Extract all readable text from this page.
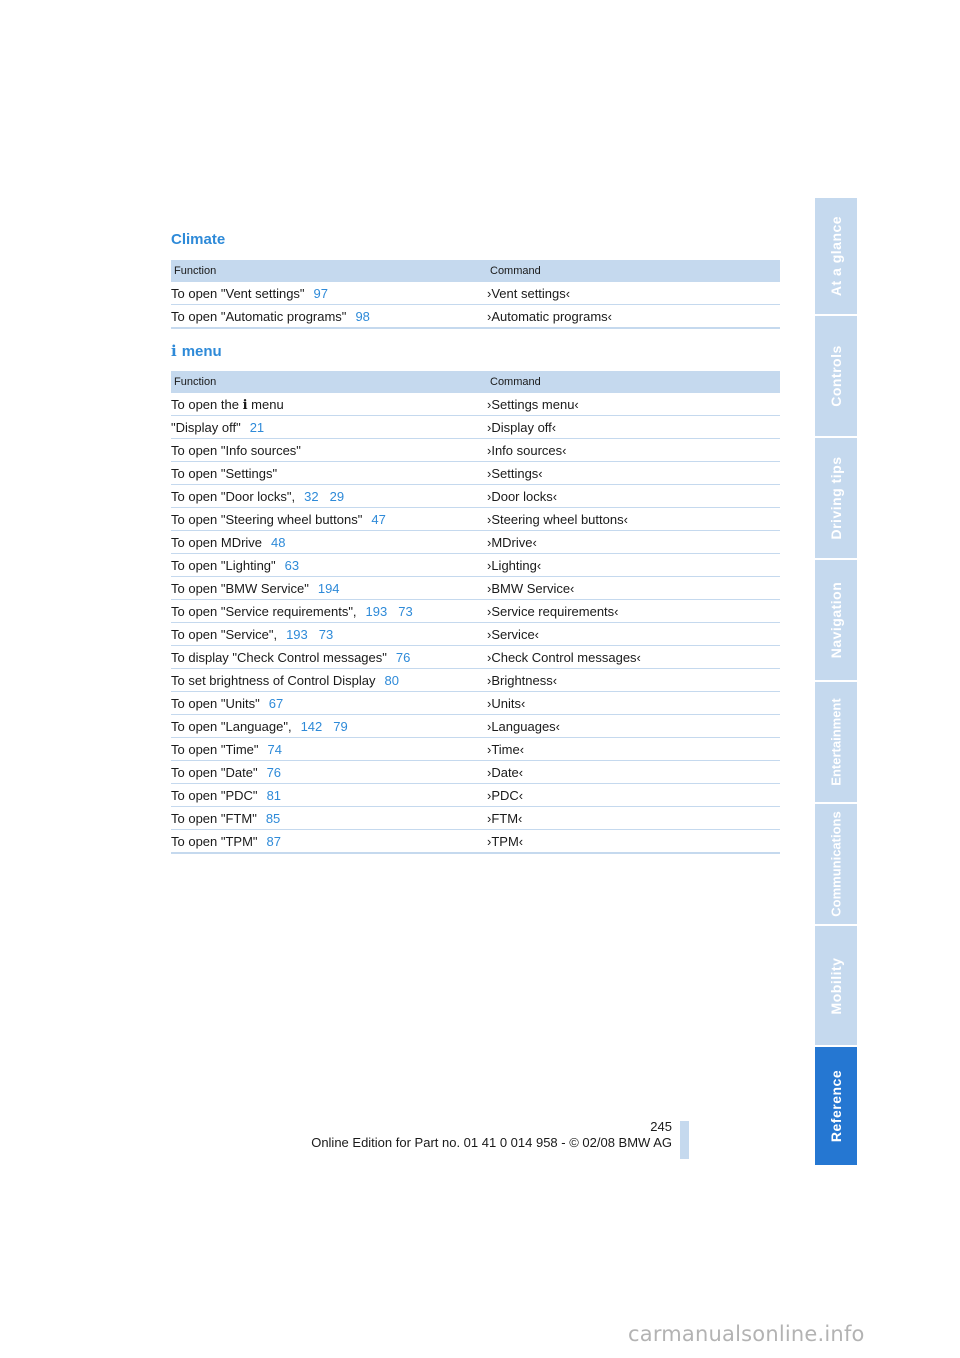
Climate
Function	Command
To open "Vent settings" 97	›Vent settings‹
To open "Automatic programs" 98	›Automatic programs‹
i menu
Function	Command
To open the i menu	›Settings menu‹
"Display off" 21	›Display off‹
To open "Info sources"	›Info sources‹
To open "Settings"	›Settings‹
To open "Door locks", 32 29	›Door locks‹
To open "Steering wheel buttons" 47	›Steering wheel buttons‹
To open MDrive 48	›MDrive‹
To open "Lighting" 63	›Lighting‹
To open "BMW Service" 194	›BMW Service‹
To open "Service requirements", 193 73	›Service requirements‹
To open "Service", 193 73	›Service‹
To display "Check Control messages" 76	›Check Control messages‹
To set brightness of Control Display 80	›Brightness‹
To open "Units" 67	›Units‹
To open "Language", 142 79	›Languages‹
To open "Time" 74	›Time‹
To open "Date" 76	›Date‹
To open "PDC" 81	›PDC‹
To open "FTM" 85	›FTM‹
To open "TPM" 87	›TPM‹
At a glance
Controls
Driving tips
Navigation
Entertainment
Communications
Mobility
Reference
245
Online Edition for Part no. 01 41 0 014 958 - © 02/08 BMW AG
carmanualsonline.info
